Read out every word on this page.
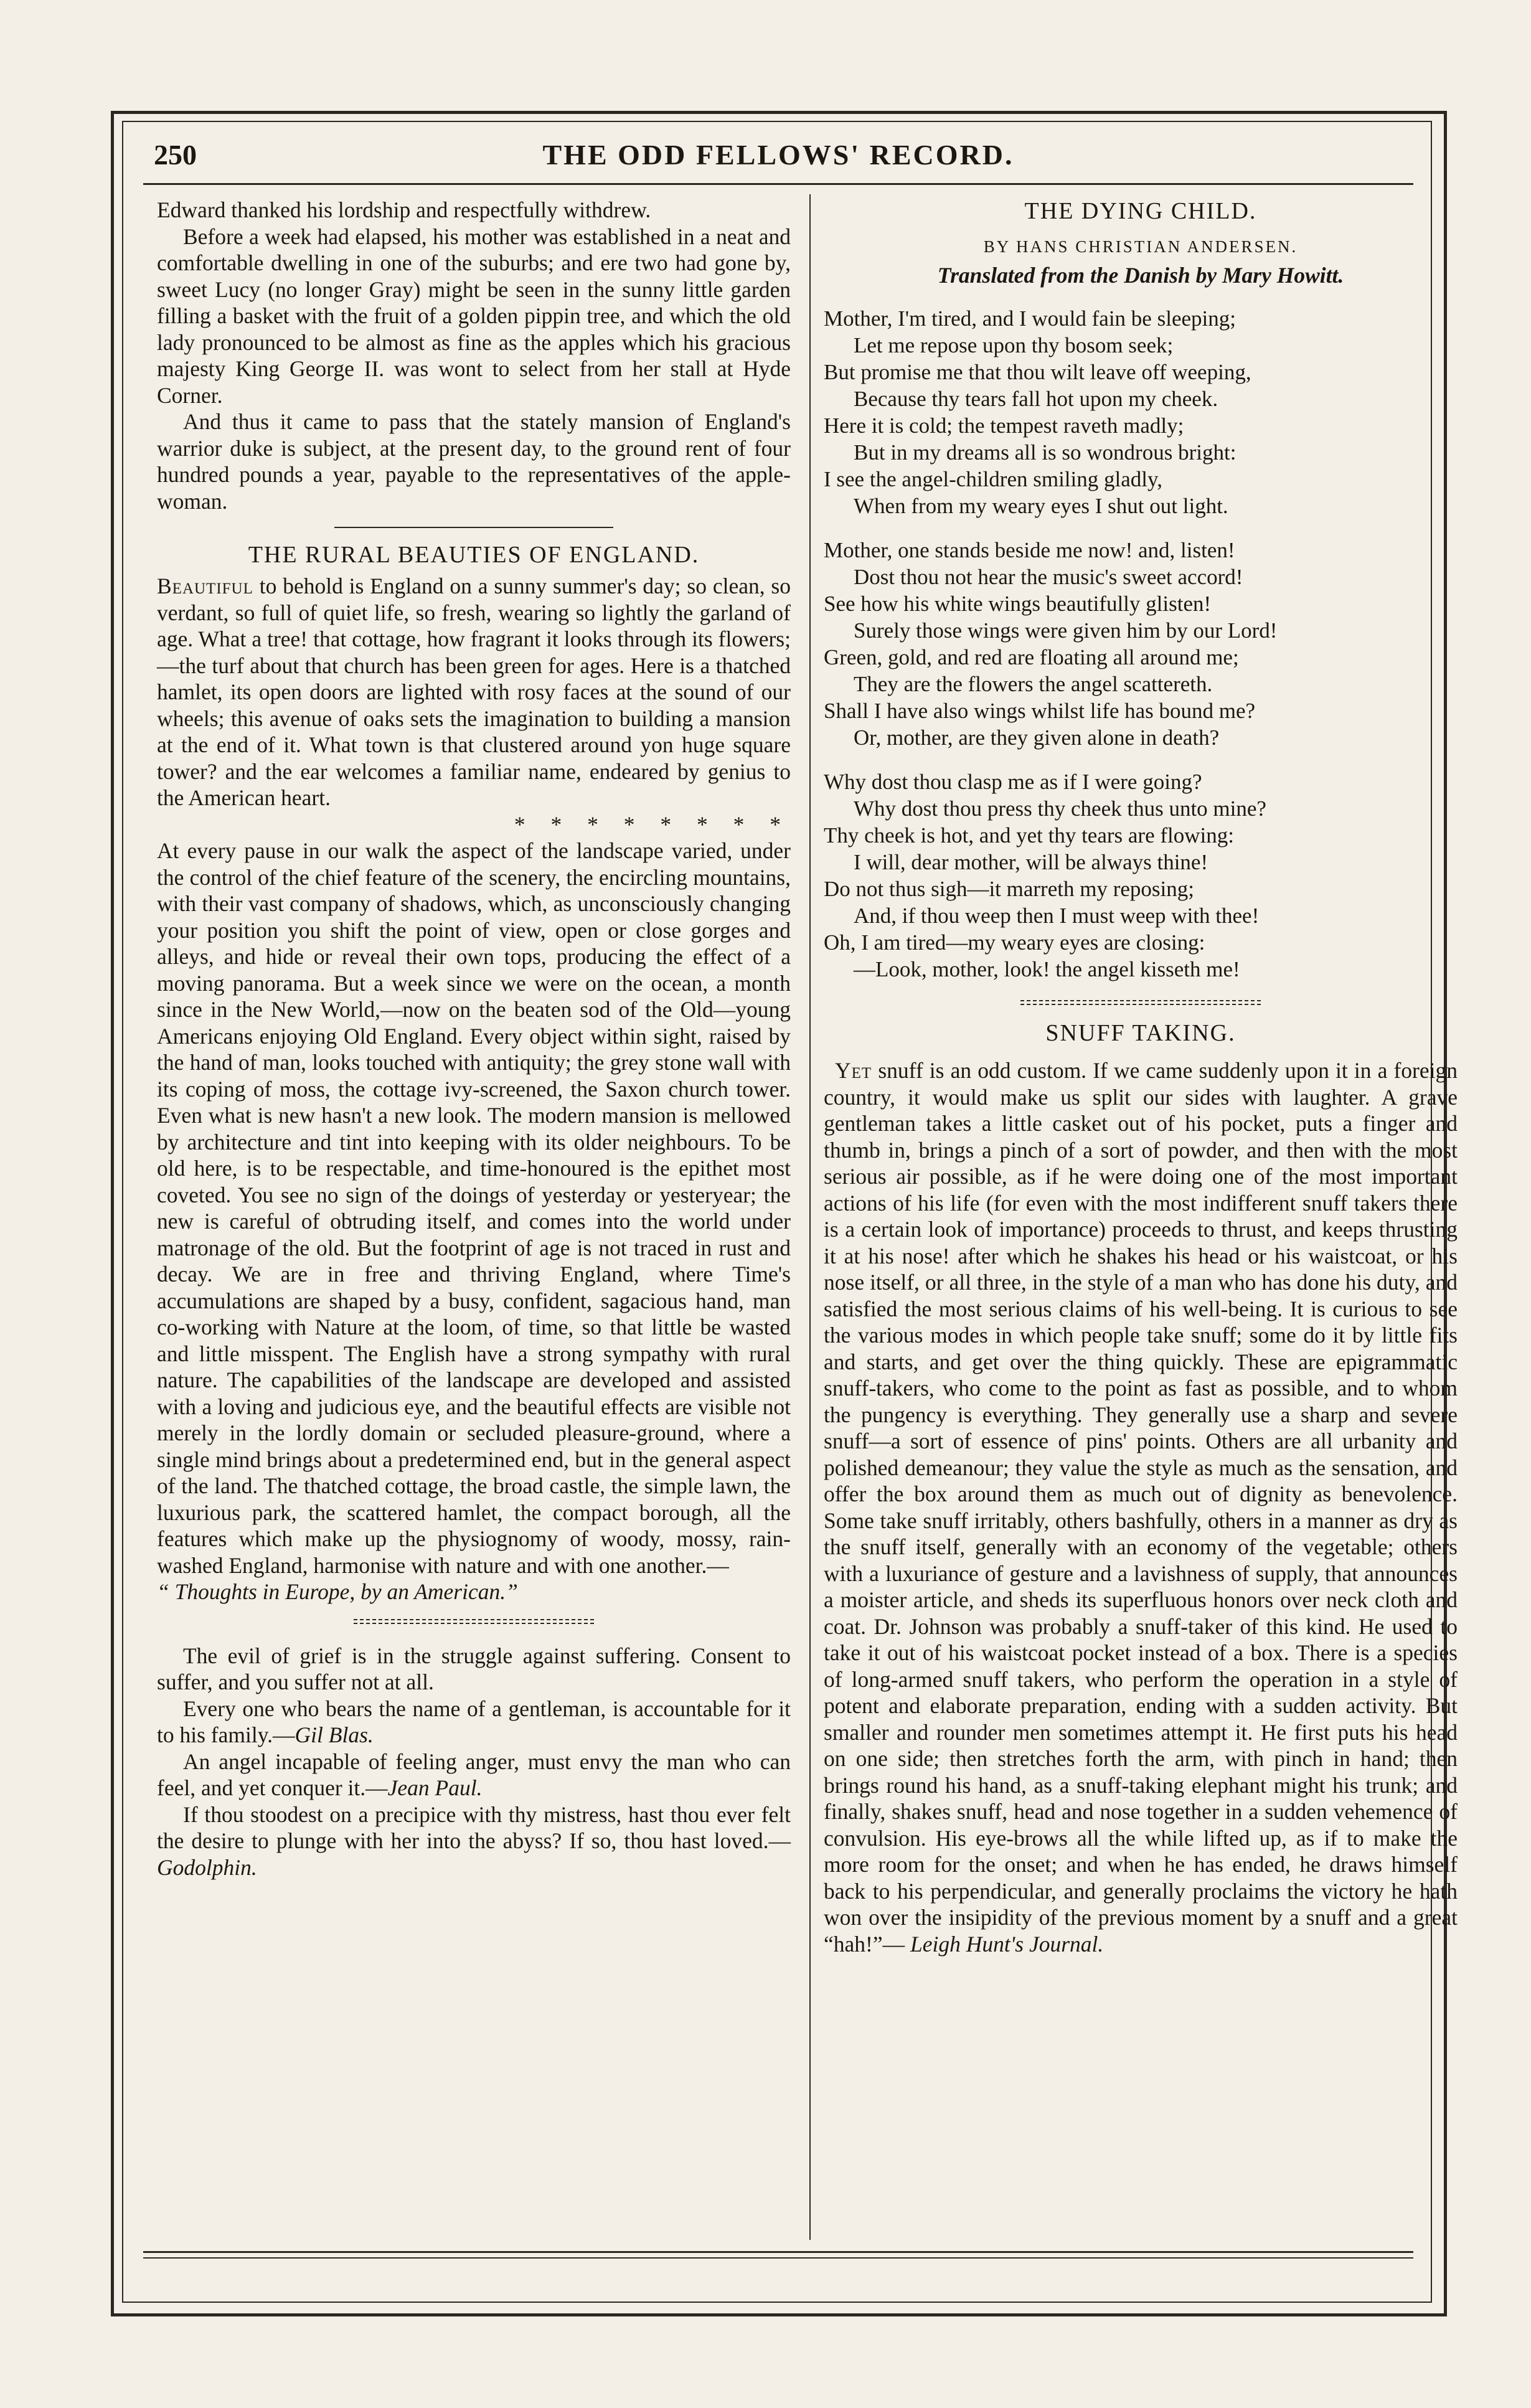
250	THE ODD FELLOWS' RECORD.

Edward thanked his lordship and respectfully withdrew.

Before a week had elapsed, his mother was established in a neat and comfortable dwelling in one of the suburbs; and ere two had gone by, sweet Lucy (no longer Gray) might be seen in the sunny little garden filling a basket with the fruit of a golden pippin tree, and which the old lady pronounced to be almost as fine as the apples which his gracious majesty King George II. was wont to select from her stall at Hyde Corner.

And thus it came to pass that the stately mansion of England's warrior duke is subject, at the present day, to the ground rent of four hundred pounds a year, payable to the representatives of the apple-woman.

THE RURAL BEAUTIES OF ENGLAND.

Beautiful to behold is England on a sunny summer's day; so clean, so verdant, so full of quiet life, so fresh, wearing so lightly the garland of age. What a tree! that cottage, how fragrant it looks through its flowers;—the turf about that church has been green for ages. Here is a thatched hamlet, its open doors are lighted with rosy faces at the sound of our wheels; this avenue of oaks sets the imagination to building a mansion at the end of it. What town is that clustered around yon huge square tower? and the ear welcomes a familiar name, endeared by genius to the American heart.

* * * * * * * *

At every pause in our walk the aspect of the landscape varied, under the control of the chief feature of the scenery, the encircling mountains, with their vast company of shadows, which, as unconsciously changing your position you shift the point of view, open or close gorges and alleys, and hide or reveal their own tops, producing the effect of a moving panorama. But a week since we were on the ocean, a month since in the New World,—now on the beaten sod of the Old—young Americans enjoying Old England. Every object within sight, raised by the hand of man, looks touched with antiquity; the grey stone wall with its coping of moss, the cottage ivy-screened, the Saxon church tower. Even what is new hasn't a new look. The modern mansion is mellowed by architecture and tint into keeping with its older neighbours. To be old here, is to be respectable, and time-honoured is the epithet most coveted. You see no sign of the doings of yesterday or yesteryear; the new is careful of obtruding itself, and comes into the world under matronage of the old. But the footprint of age is not traced in rust and decay. We are in free and thriving England, where Time's accumulations are shaped by a busy, confident, sagacious hand, man co-working with Nature at the loom, of time, so that little be wasted and little misspent. The English have a strong sympathy with rural nature. The capabilities of the landscape are developed and assisted with a loving and judicious eye, and the beautiful effects are visible not merely in the lordly domain or secluded pleasure-ground, where a single mind brings about a predetermined end, but in the general aspect of the land. The thatched cottage, the broad castle, the simple lawn, the luxurious park, the scattered hamlet, the compact borough, all the features which make up the physiognomy of woody, mossy, rain-washed England, harmonise with nature and with one another.—

“ Thoughts in Europe, by an American.”

The evil of grief is in the struggle against suffering. Consent to suffer, and you suffer not at all.

Every one who bears the name of a gentleman, is accountable for it to his family.—Gil Blas.

An angel incapable of feeling anger, must envy the man who can feel, and yet conquer it.—Jean Paul.

If thou stoodest on a precipice with thy mistress, hast thou ever felt the desire to plunge with her into the abyss? If so, thou hast loved.—Godolphin.

THE DYING CHILD.
BY HANS CHRISTIAN ANDERSEN.
Translated from the Danish by Mary Howitt.
Mother, I'm tired, and I would fain be sleeping;
Let me repose upon thy bosom seek;
But promise me that thou wilt leave off weeping,
Because thy tears fall hot upon my cheek.
Here it is cold; the tempest raveth madly;
But in my dreams all is so wondrous bright:
I see the angel-children smiling gladly,
When from my weary eyes I shut out light.
Mother, one stands beside me now! and, listen!
Dost thou not hear the music's sweet accord!
See how his white wings beautifully glisten!
Surely those wings were given him by our Lord!
Green, gold, and red are floating all around me;
They are the flowers the angel scattereth.
Shall I have also wings whilst life has bound me?
Or, mother, are they given alone in death?
Why dost thou clasp me as if I were going?
Why dost thou press thy cheek thus unto mine?
Thy cheek is hot, and yet thy tears are flowing:
I will, dear mother, will be always thine!
Do not thus sigh—it marreth my reposing;
And, if thou weep then I must weep with thee!
Oh, I am tired—my weary eyes are closing:
—Look, mother, look! the angel kisseth me!
SNUFF TAKING.

Yet snuff is an odd custom. If we came suddenly upon it in a foreign country, it would make us split our sides with laughter. A grave gentleman takes a little casket out of his pocket, puts a finger and thumb in, brings a pinch of a sort of powder, and then with the most serious air possible, as if he were doing one of the most important actions of his life (for even with the most indifferent snuff takers there is a certain look of importance) proceeds to thrust, and keeps thrusting it at his nose! after which he shakes his head or his waistcoat, or his nose itself, or all three, in the style of a man who has done his duty, and satisfied the most serious claims of his well-being. It is curious to see the various modes in which people take snuff; some do it by little fits and starts, and get over the thing quickly. These are epigrammatic snuff-takers, who come to the point as fast as possible, and to whom the pungency is everything. They generally use a sharp and severe snuff—a sort of essence of pins' points. Others are all urbanity and polished demeanour; they value the style as much as the sensation, and offer the box around them as much out of dignity as benevolence. Some take snuff irritably, others bashfully, others in a manner as dry as the snuff itself, generally with an economy of the vegetable; others with a luxuriance of gesture and a lavishness of supply, that announces a moister article, and sheds its superfluous honors over neck cloth and coat. Dr. Johnson was probably a snuff-taker of this kind. He used to take it out of his waistcoat pocket instead of a box. There is a species of long-armed snuff takers, who perform the operation in a style of potent and elaborate preparation, ending with a sudden activity. But smaller and rounder men sometimes attempt it. He first puts his head on one side; then stretches forth the arm, with pinch in hand; then brings round his hand, as a snuff-taking elephant might his trunk; and finally, shakes snuff, head and nose together in a sudden vehemence of convulsion. His eye-brows all the while lifted up, as if to make the more room for the onset; and when he has ended, he draws himself back to his perpendicular, and generally proclaims the victory he hath won over the insipidity of the previous moment by a snuff and a great “hah!”— Leigh Hunt's Journal.
